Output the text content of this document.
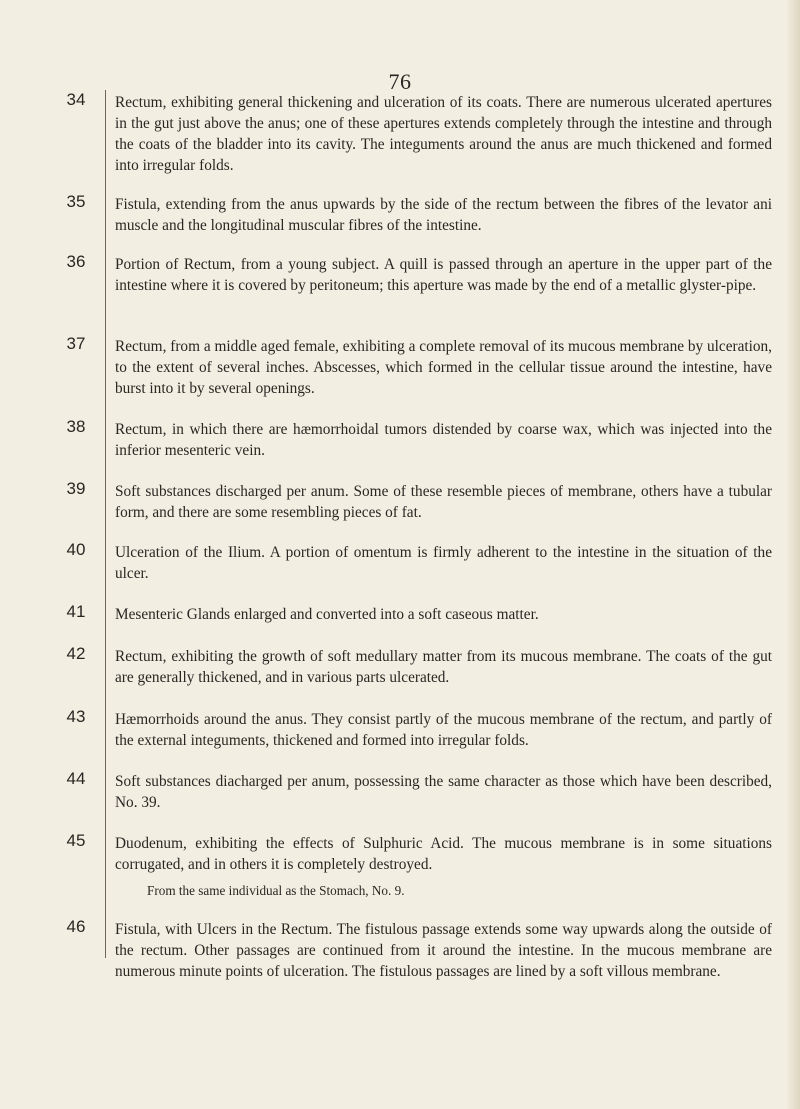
76
34	Rectum, exhibiting general thickening and ulceration of its coats. There are numerous ulcerated apertures in the gut just above the anus; one of these apertures extends completely through the intestine and through the coats of the bladder into its cavity. The integuments around the anus are much thickened and formed into irregular folds.
35	Fistula, extending from the anus upwards by the side of the rectum between the fibres of the levator ani muscle and the longitudinal muscular fibres of the intestine.
36	Portion of Rectum, from a young subject. A quill is passed through an aperture in the upper part of the intestine where it is covered by peritoneum; this aperture was made by the end of a metallic glyster-pipe.
37	Rectum, from a middle aged female, exhibiting a complete removal of its mucous membrane by ulceration, to the extent of several inches. Abscesses, which formed in the cellular tissue around the intestine, have burst into it by several openings.
38	Rectum, in which there are hæmorrhoidal tumors distended by coarse wax, which was injected into the inferior mesenteric vein.
39	Soft substances discharged per anum. Some of these resemble pieces of membrane, others have a tubular form, and there are some resembling pieces of fat.
40	Ulceration of the Ilium. A portion of omentum is firmly adherent to the intestine in the situation of the ulcer.
41	Mesenteric Glands enlarged and converted into a soft caseous matter.
42	Rectum, exhibiting the growth of soft medullary matter from its mucous membrane. The coats of the gut are generally thickened, and in various parts ulcerated.
43	Hæmorrhoids around the anus. They consist partly of the mucous membrane of the rectum, and partly of the external integuments, thickened and formed into irregular folds.
44	Soft substances diacharged per anum, possessing the same character as those which have been described, No. 39.
45	Duodenum, exhibiting the effects of Sulphuric Acid. The mucous membrane is in some situations corrugated, and in others it is completely destroyed.
From the same individual as the Stomach, No. 9.
46	Fistula, with Ulcers in the Rectum. The fistulous passage extends some way upwards along the outside of the rectum. Other passages are continued from it around the intestine. In the mucous membrane are numerous minute points of ulceration. The fistulous passages are lined by a soft villous membrane.
